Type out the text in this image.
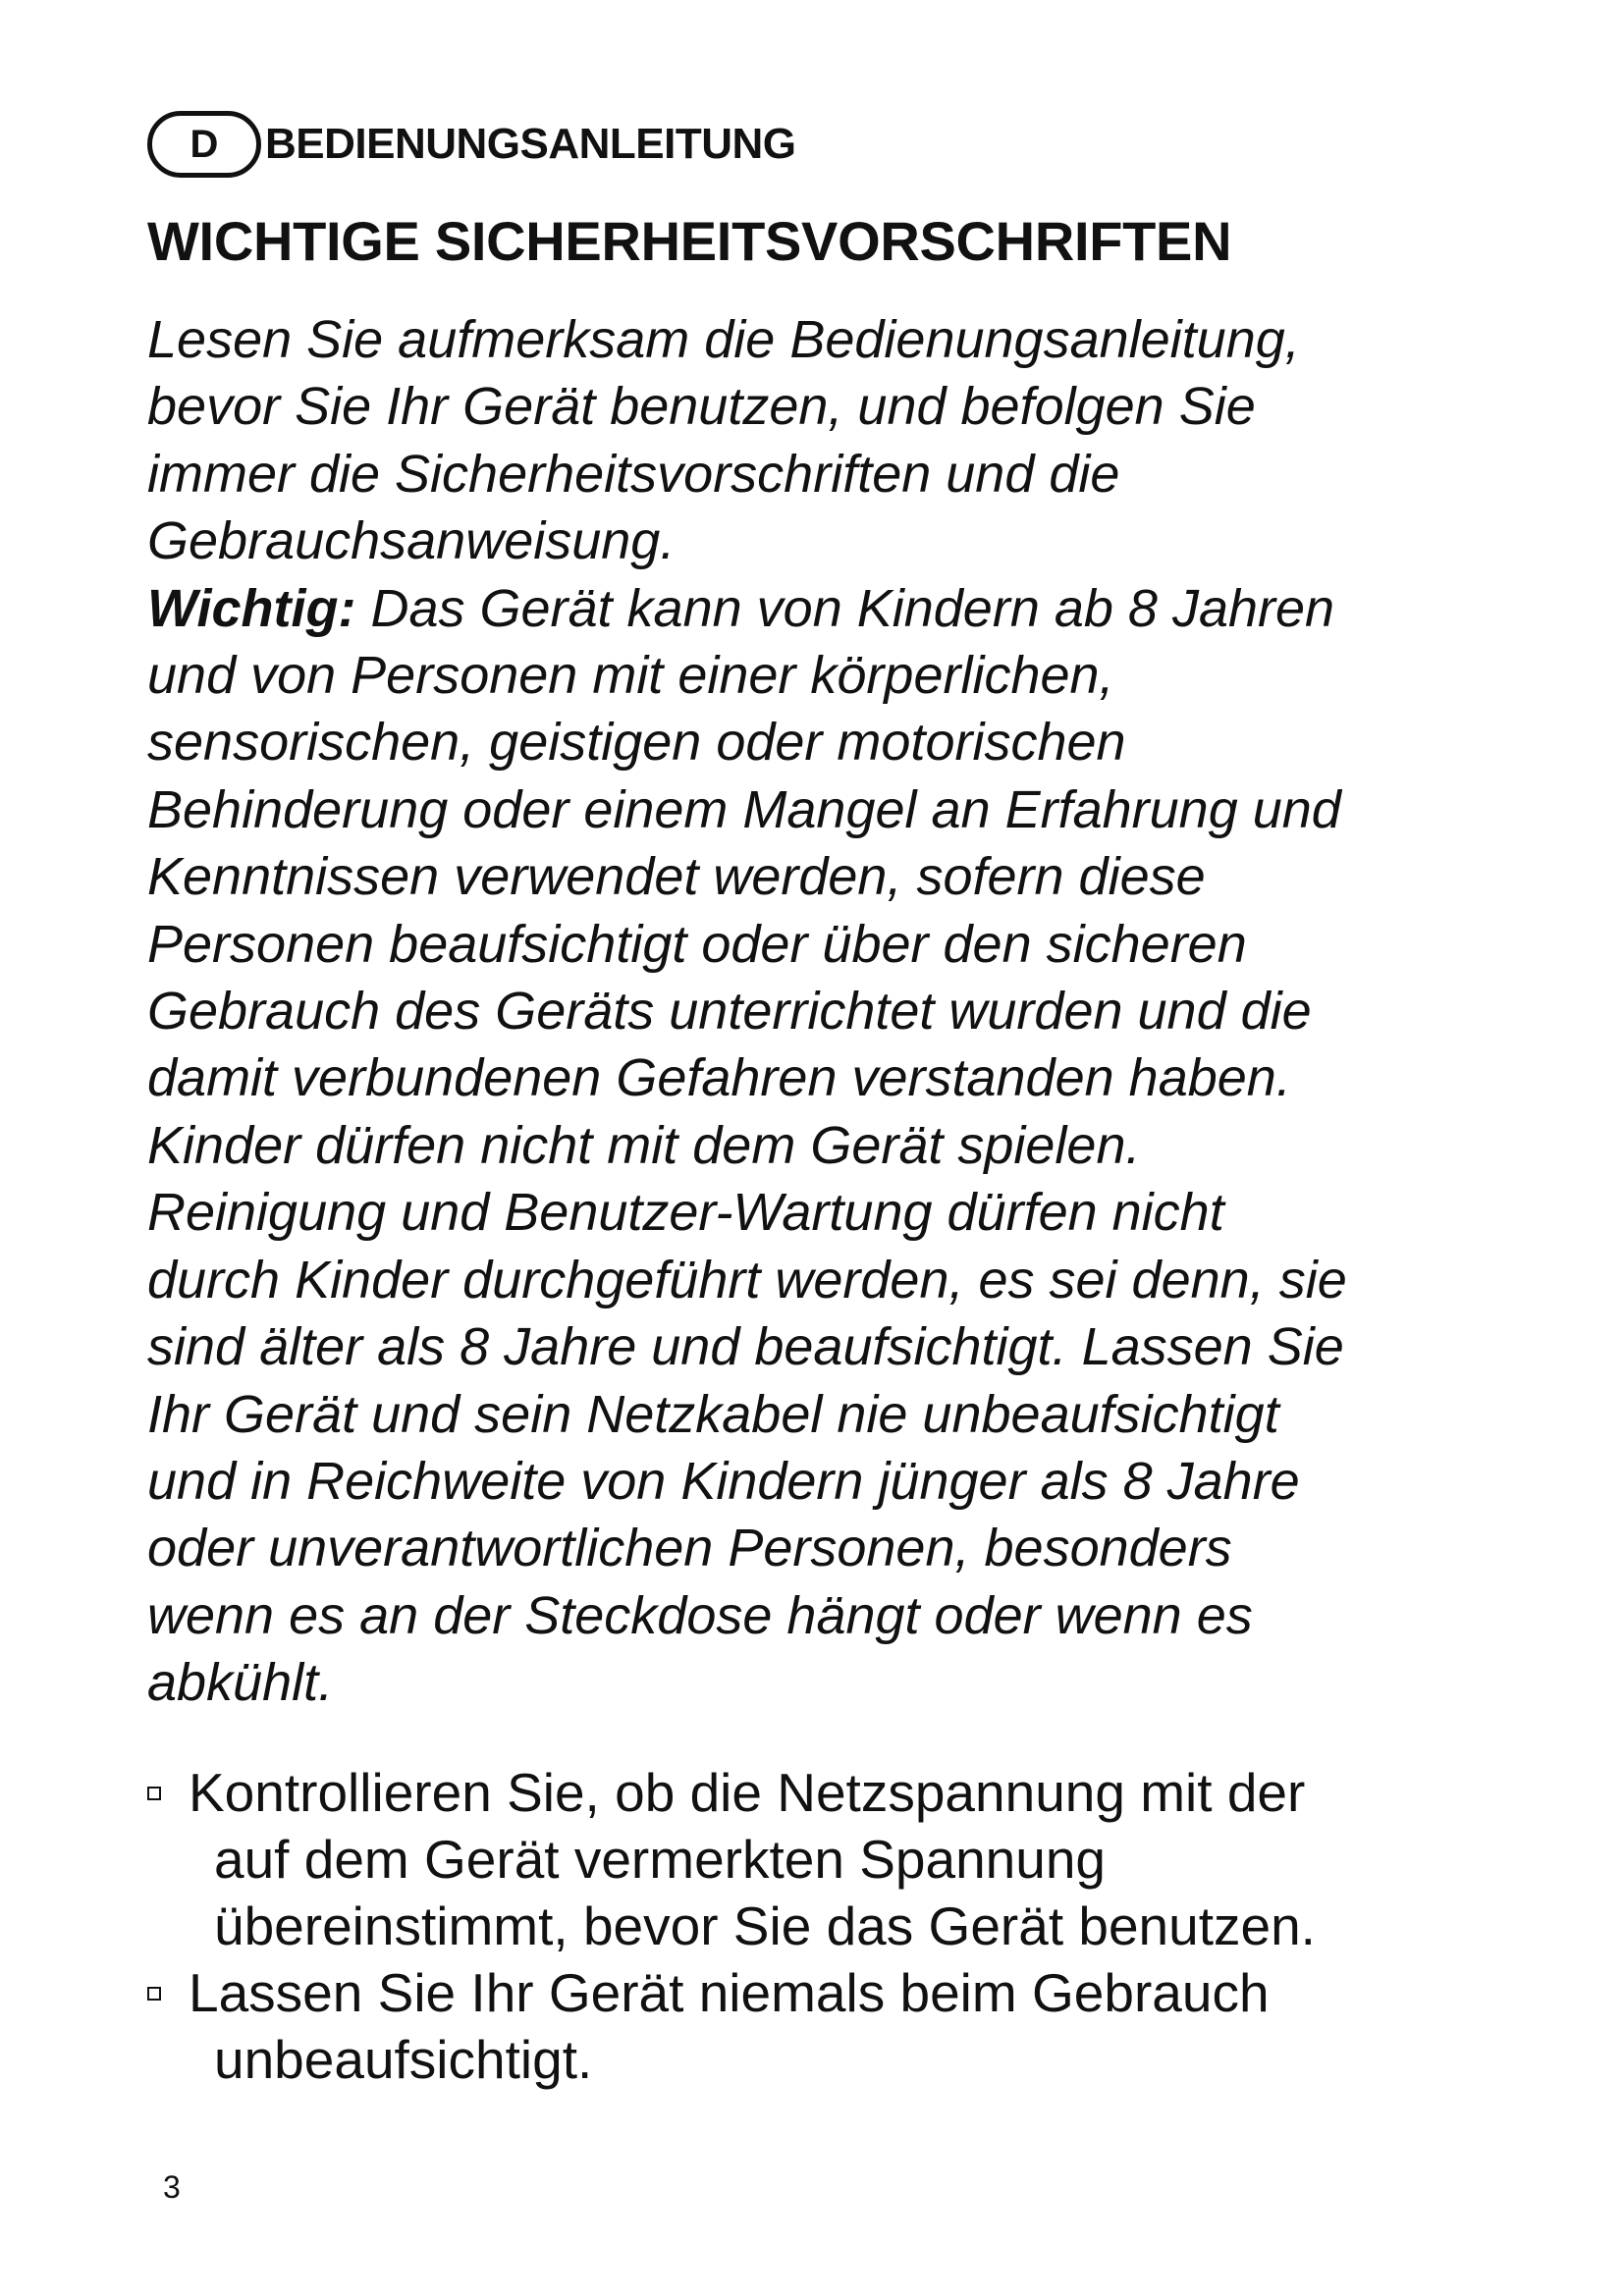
D BEDIENUNGSANLEITUNG
WICHTIGE SICHERHEITSVORSCHRIFTEN
Lesen Sie aufmerksam die Bedienungsanleitung,
bevor Sie Ihr Gerät benutzen, und befolgen Sie
immer die Sicherheitsvorschriften und die
Gebrauchsanweisung.
Wichtig: Das Gerät kann von Kindern ab 8 Jahren
und von Personen mit einer körperlichen,
sensorischen, geistigen oder motorischen
Behinderung oder einem Mangel an Erfahrung und
Kenntnissen verwendet werden, sofern diese
Personen beaufsichtigt oder über den sicheren
Gebrauch des Geräts unterrichtet wurden und die
damit verbundenen Gefahren verstanden haben.
Kinder dürfen nicht mit dem Gerät spielen.
Reinigung und Benutzer-Wartung dürfen nicht
durch Kinder durchgeführt werden, es sei denn, sie
sind älter als 8 Jahre und beaufsichtigt. Lassen Sie
Ihr Gerät und sein Netzkabel nie unbeaufsichtigt
und in Reichweite von Kindern jünger als 8 Jahre
oder unverantwortlichen Personen, besonders
wenn es an der Steckdose hängt oder wenn es
abkühlt.
Kontrollieren Sie, ob die Netzspannung mit der
auf dem Gerät vermerkten Spannung
übereinstimmt, bevor Sie das Gerät benutzen.
Lassen Sie Ihr Gerät niemals beim Gebrauch
unbeaufsichtigt.
3
